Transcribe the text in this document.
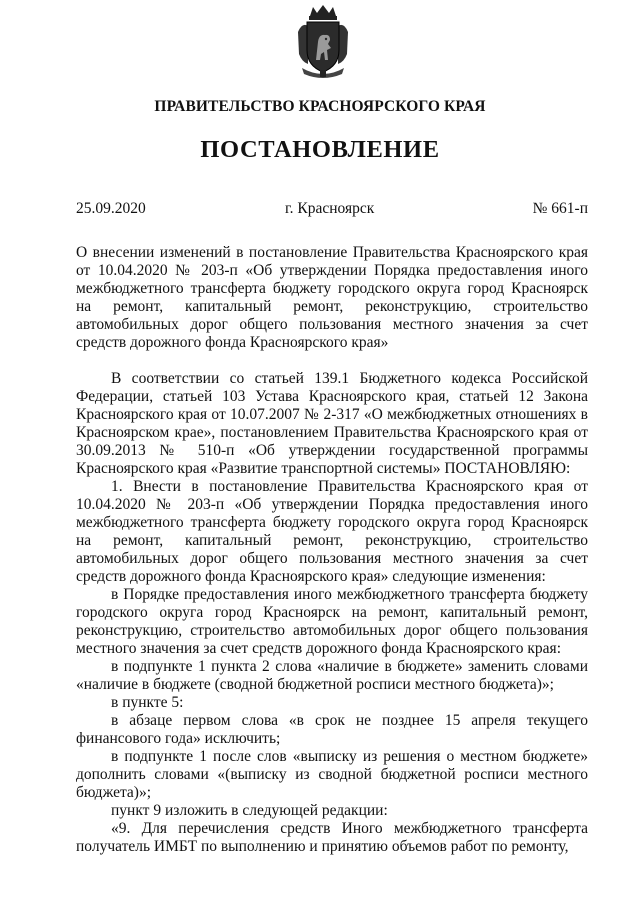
ПРАВИТЕЛЬСТВО КРАСНОЯРСКОГО КРАЯ
ПОСТАНОВЛЕНИЕ
25.09.2020	г. Красноярск	№ 661-п
О внесении изменений в постановление Правительства Красноярского края от 10.04.2020 № 203-п «Об утверждении Порядка предоставления иного межбюджетного трансферта бюджету городского округа город Красноярск на ремонт, капитальный ремонт, реконструкцию, строительство автомобильных дорог общего пользования местного значения за счет средств дорожного фонда Красноярского края»

В соответствии со статьей 139.1 Бюджетного кодекса Российской Федерации, статьей 103 Устава Красноярского края, статьей 12 Закона Красноярского края от 10.07.2007 № 2-317 «О межбюджетных отношениях в Красноярском крае», постановлением Правительства Красноярского края от 30.09.2013 № 510-п «Об утверждении государственной программы Красноярского края «Развитие транспортной системы» ПОСТАНОВЛЯЮ:

1. Внести в постановление Правительства Красноярского края от 10.04.2020 № 203-п «Об утверждении Порядка предоставления иного межбюджетного трансферта бюджету городского округа город Красноярск на ремонт, капитальный ремонт, реконструкцию, строительство автомобильных дорог общего пользования местного значения за счет средств дорожного фонда Красноярского края» следующие изменения:

в Порядке предоставления иного межбюджетного трансферта бюджету городского округа город Красноярск на ремонт, капитальный ремонт, реконструкцию, строительство автомобильных дорог общего пользования местного значения за счет средств дорожного фонда Красноярского края:

в подпункте 1 пункта 2 слова «наличие в бюджете» заменить словами «наличие в бюджете (сводной бюджетной росписи местного бюджета)»;

в пункте 5:

в абзаце первом слова «в срок не позднее 15 апреля текущего финансового года» исключить;

в подпункте 1 после слов «выписку из решения о местном бюджете» дополнить словами «(выписку из сводной бюджетной росписи местного бюджета)»;

пункт 9 изложить в следующей редакции:

«9. Для перечисления средств Иного межбюджетного трансферта получатель ИМБТ по выполнению и принятию объемов работ по ремонту,
